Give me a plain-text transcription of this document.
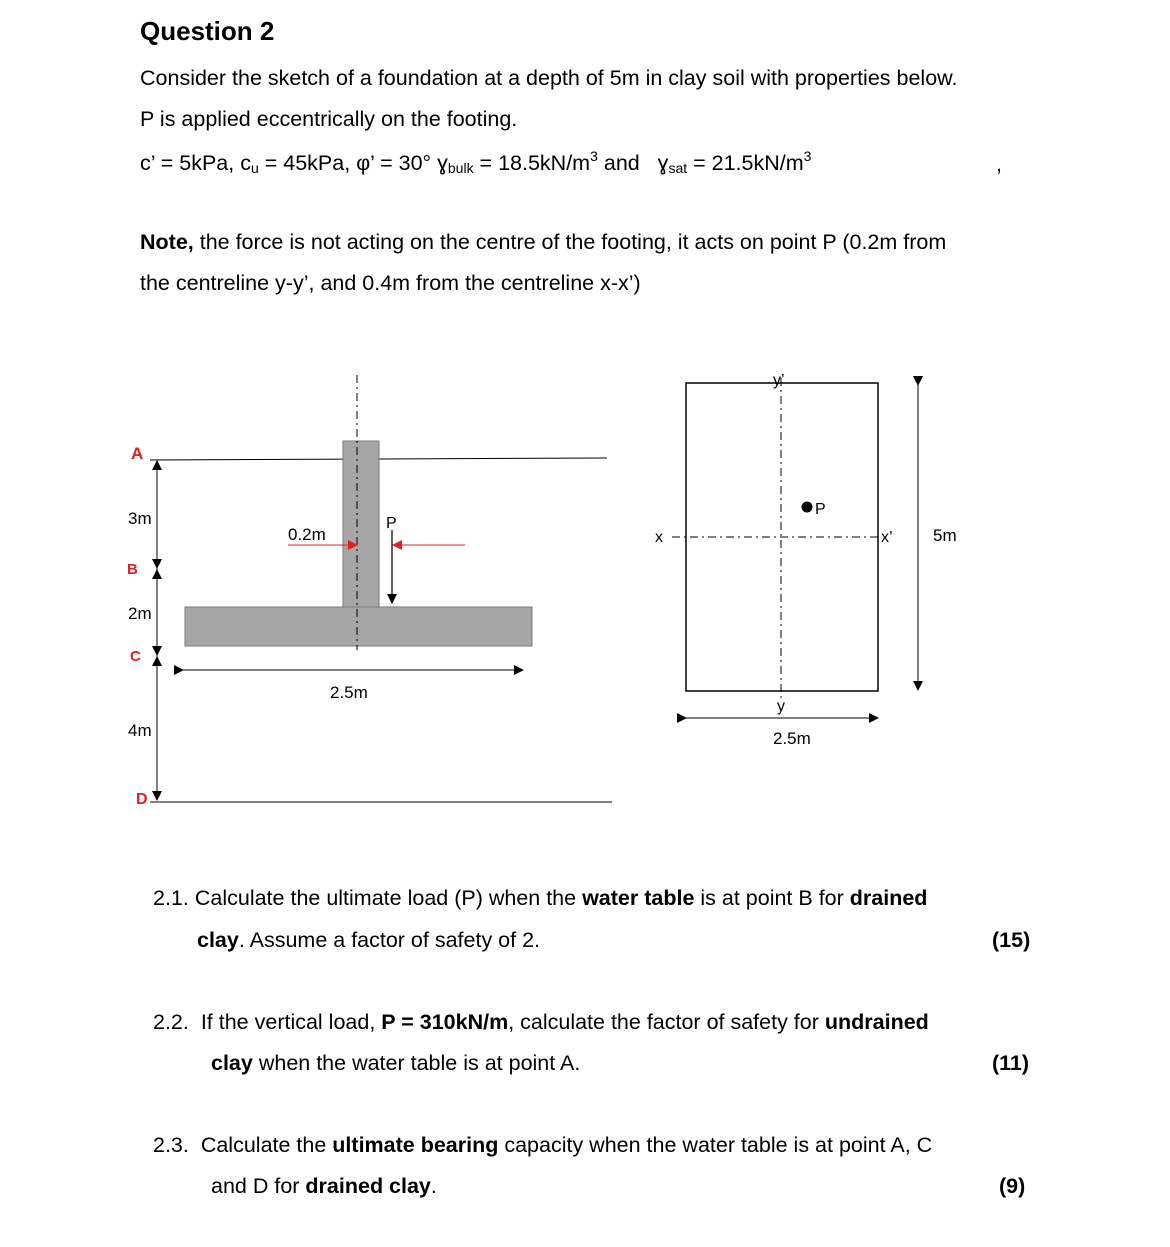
Question 2
Consider the sketch of a foundation at a depth of 5m in clay soil with properties below.
P is applied eccentrically on the footing.
c’ = 5kPa, $c_u = 45kPa$, φ’ = 30° ɣ$_{bulk}$ = $18.5kN/m^3$ and ɣ$_{sat}$ = $21.5kN/m^3$	,
Note, the force is not acting on the centre of the footing, it acts on point P (0.2m from
the centreline y-y’, and 0.4m from the centreline x-x’)
A
B
C
D
3m
2m
4m
0.2m
P
2.5m
y’
y
x	x’
P
5m
2.5m
2.1. Calculate the ultimate load (P) when the water table is at point B for drained
clay. Assume a factor of safety of 2.	(15)
2.2. If the vertical load, P = 310kN/m, calculate the factor of safety for undrained
clay when the water table is at point A.	(11)
2.3. Calculate the ultimate bearing capacity when the water table is at point A, C
and D for drained clay.	(9)
